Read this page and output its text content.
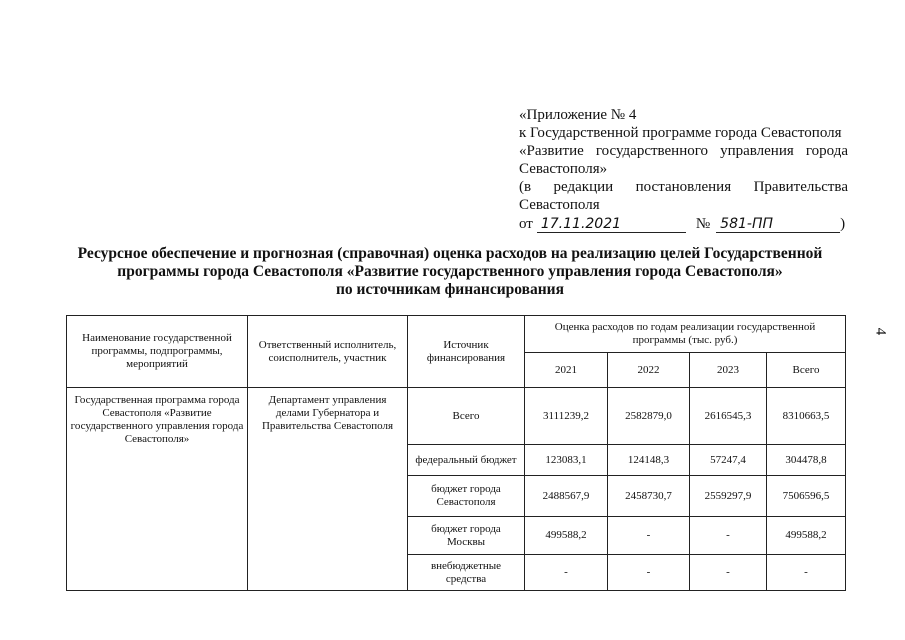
«Приложение № 4
к Государственной программе города Севастополя
«Развитие государственного управления города
Севастополя»
(в редакции постановления Правительства
Севастополя
от 17.11.2021	№ 581-ПП	)
Ресурсное обеспечение и прогнозная (справочная) оценка расходов на реализацию целей Государственной
программы города Севастополя «Развитие государственного управления города Севастополя»
по источникам финансирования
4
Наименование государственной программы, подпрограммы, мероприятий	Ответственный исполнитель, соисполнитель, участник	Источник финансирования	Оценка расходов по годам реализации государственной программы (тыс. руб.)			
			2021	2022	2023	Всего
Государственная программа города Севастополя «Развитие государственного управления города Севастополя»	Департамент управления делами Губернатора и Правительства Севастополя	Всего	3111239,2	2582879,0	2616545,3	8310663,5
		федеральный бюджет	123083,1	124148,3	57247,4	304478,8
		бюджет города Севастополя	2488567,9	2458730,7	2559297,9	7506596,5
		бюджет города Москвы	499588,2	-	-	499588,2
		внебюджетные средства	-	-	-	-
